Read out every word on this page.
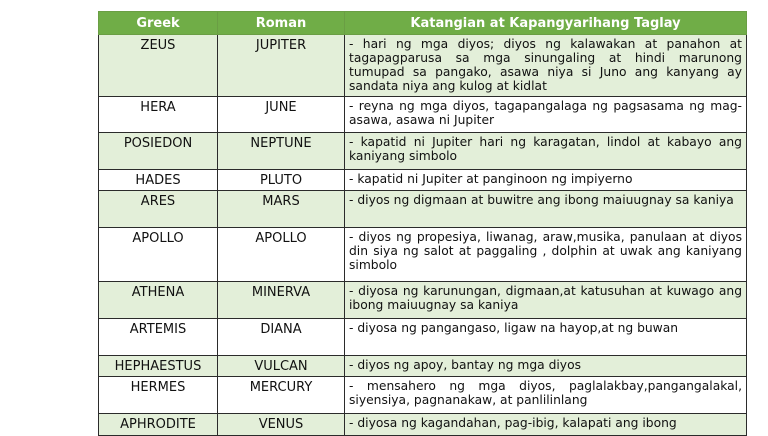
Greek	Roman	Katangian at Kapangyarihang Taglay
ZEUS	JUPITER	- hari ng mga diyos; diyos ng kalawakan at panahon at tagapagparusa sa mga sinungaling at hindi marunong tumupad sa pangako, asawa niya si Juno ang kanyang ay sandata niya ang kulog at kidlat
HERA	JUNE	- reyna ng mga diyos, tagapangalaga ng pagsasama ng mag-asawa, asawa ni Jupiter
POSIEDON	NEPTUNE	- kapatid ni Jupiter hari ng karagatan, lindol at kabayo ang kaniyang simbolo
HADES	PLUTO	- kapatid ni Jupiter at panginoon ng impiyerno
ARES	MARS	- diyos ng digmaan at buwitre ang ibong maiuugnay sa kaniya
APOLLO	APOLLO	- diyos ng propesiya, liwanag, araw,musika, panulaan at diyos din siya ng salot at paggaling , dolphin at uwak ang kaniyang simbolo
ATHENA	MINERVA	- diyosa ng karunungan, digmaan,at katusuhan at kuwago ang ibong maiuugnay sa kaniya
ARTEMIS	DIANA	- diyosa ng pangangaso, ligaw na hayop,at ng buwan
HEPHAESTUS	VULCAN	- diyos ng apoy, bantay ng mga diyos
HERMES	MERCURY	- mensahero ng mga diyos, paglalakbay,pangangalakal, siyensiya, pagnanakaw, at panlilinlang
APHRODITE	VENUS	- diyosa ng kagandahan, pag-ibig, kalapati ang ibong
